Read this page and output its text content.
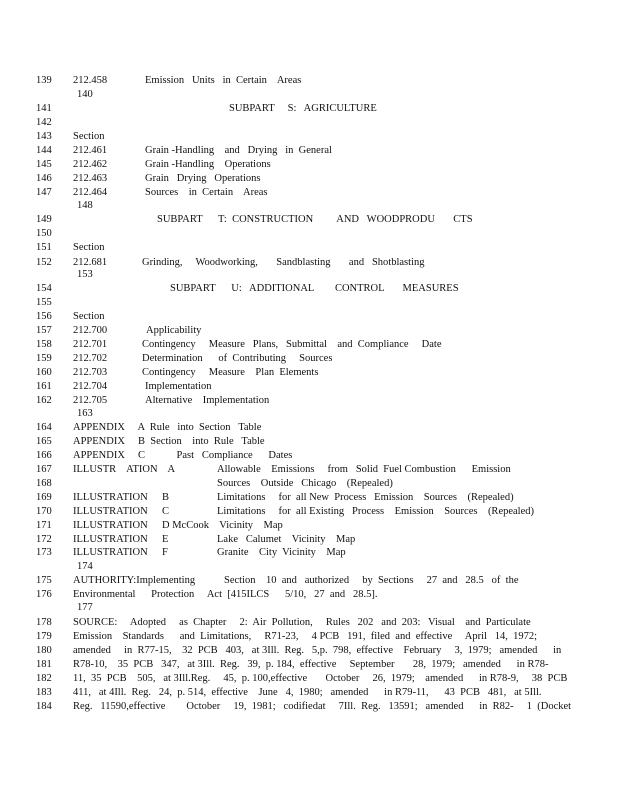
139	212.458	Emission   Units   in  Certain    Areas
140
141	SUBPART     S:   AGRICULTURE
142
143	Section
144	212.461	Grain -Handling    and   Drying   in  General
145	212.462	Grain -Handling    Operations
146	212.463	Grain   Drying   Operations
147	212.464	Sources    in  Certain    Areas
148
149	SUBPART      T:  CONSTRUCTION         AND   WOODPRODU       CTS
150
151	Section
152	212.681	Grinding,     Woodworking,       Sandblasting       and   Shotblasting
153
154	SUBPART      U:   ADDITIONAL        CONTROL       MEASURES
155
156	Section
157	212.700	Applicability
158	212.701	Contingency     Measure   Plans,   Submittal    and  Compliance     Date
159	212.702	Determination      of  Contributing     Sources
160	212.703	Contingency     Measure    Plan  Elements
161	212.704	Implementation
162	212.705	Alternative    Implementation
163
164	APPENDIX     A  Rule   into  Section   Table
165	APPENDIX     B  Section    into  Rule   Table
166	APPENDIX     C            Past   Compliance      Dates
167	ILLUSTR    ATION    A	Allowable    Emissions     from   Solid  Fuel Combustion      Emission
168	Sources    Outside   Chicago    (Repealed)
169	ILLUSTRATION B	Limitations     for  all New  Process   Emission    Sources    (Repealed)
170	ILLUSTRATION C	Limitations     for  all Existing   Process    Emission    Sources    (Repealed)
171	ILLUSTRATION D McCook    Vicinity    Map
172	ILLUSTRATION E	Lake   Calumet    Vicinity    Map
173	ILLUSTRATION F	Granite    City  Vicinity    Map
174
175	AUTHORITY:Implementing           Section    10  and   authorized     by  Sections     27  and   28.5   of  the
176	Environmental      Protection     Act  [415ILCS      5/10,   27  and   28.5].
177
178	SOURCE:     Adopted     as  Chapter     2:  Air  Pollution,     Rules   202   and  203:   Visual    and  Particulate
179	Emission    Standards      and  Limitations,     R71-23,     4 PCB   191,  filed  and  effective     April   14,  1972;
180	amended     in  R77-15,    32  PCB   403,   at 3Ill.  Reg.   5,p.  798,  effective    February     3,  1979;   amended      in
181	R78-10,    35  PCB   347,   at 3Ill.  Reg.   39,  p. 184,  effective     September       28,  1979;   amended      in R78-
182	11,  35  PCB    505,   at 3Ill.Reg.     45,  p. 100,effective       October     26,  1979;    amended      in R78-9,     38  PCB
183	411,   at 4Ill.  Reg.   24,  p. 514,  effective    June   4,  1980;   amended      in R79-11,      43  PCB   481,   at 5Ill.
184	Reg.   11590,effective        October     19,  1981;   codifiedat     7Ill.  Reg.   13591;   amended      in  R82-     1  (Docket
